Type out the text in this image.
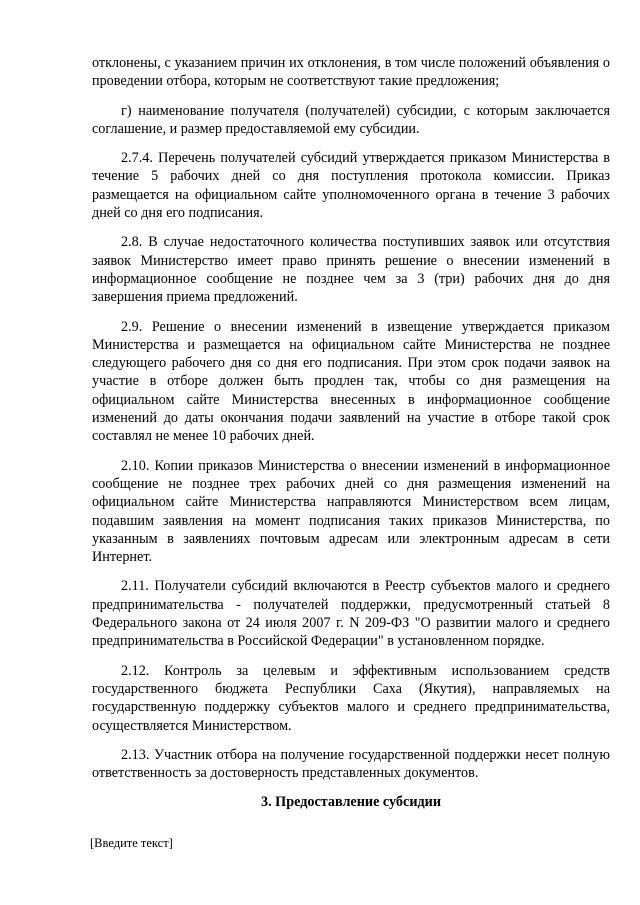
отклонены, с указанием причин их отклонения, в том числе положений объявления о проведении отбора, которым не соответствуют такие предложения;

г) наименование получателя (получателей) субсидии, с которым заключается соглашение, и размер предоставляемой ему субсидии.

2.7.4. Перечень получателей субсидий утверждается приказом Министерства в течение 5 рабочих дней со дня поступления протокола комиссии. Приказ размещается на официальном сайте уполномоченного органа в течение 3 рабочих дней со дня его подписания.

2.8. В случае недостаточного количества поступивших заявок или отсутствия заявок Министерство имеет право принять решение о внесении изменений в информационное сообщение не позднее чем за 3 (три) рабочих дня до дня завершения приема предложений.

2.9. Решение о внесении изменений в извещение утверждается приказом Министерства и размещается на официальном сайте Министерства не позднее следующего рабочего дня со дня его подписания. При этом срок подачи заявок на участие в отборе должен быть продлен так, чтобы со дня размещения на официальном сайте Министерства внесенных в информационное сообщение изменений до даты окончания подачи заявлений на участие в отборе такой срок составлял не менее 10 рабочих дней.

2.10. Копии приказов Министерства о внесении изменений в информационное сообщение не позднее трех рабочих дней со дня размещения изменений на официальном сайте Министерства направляются Министерством всем лицам, подавшим заявления на момент подписания таких приказов Министерства, по указанным в заявлениях почтовым адресам или электронным адресам в сети Интернет.

2.11. Получатели субсидий включаются в Реестр субъектов малого и среднего предпринимательства - получателей поддержки, предусмотренный статьей 8 Федерального закона от 24 июля 2007 г. N 209-ФЗ "О развитии малого и среднего предпринимательства в Российской Федерации" в установленном порядке.

2.12. Контроль за целевым и эффективным использованием средств государственного бюджета Республики Саха (Якутия), направляемых на государственную поддержку субъектов малого и среднего предпринимательства, осуществляется Министерством.

2.13. Участник отбора на получение государственной поддержки несет полную ответственность за достоверность представленных документов.

3. Предоставление субсидии
[Введите текст]
